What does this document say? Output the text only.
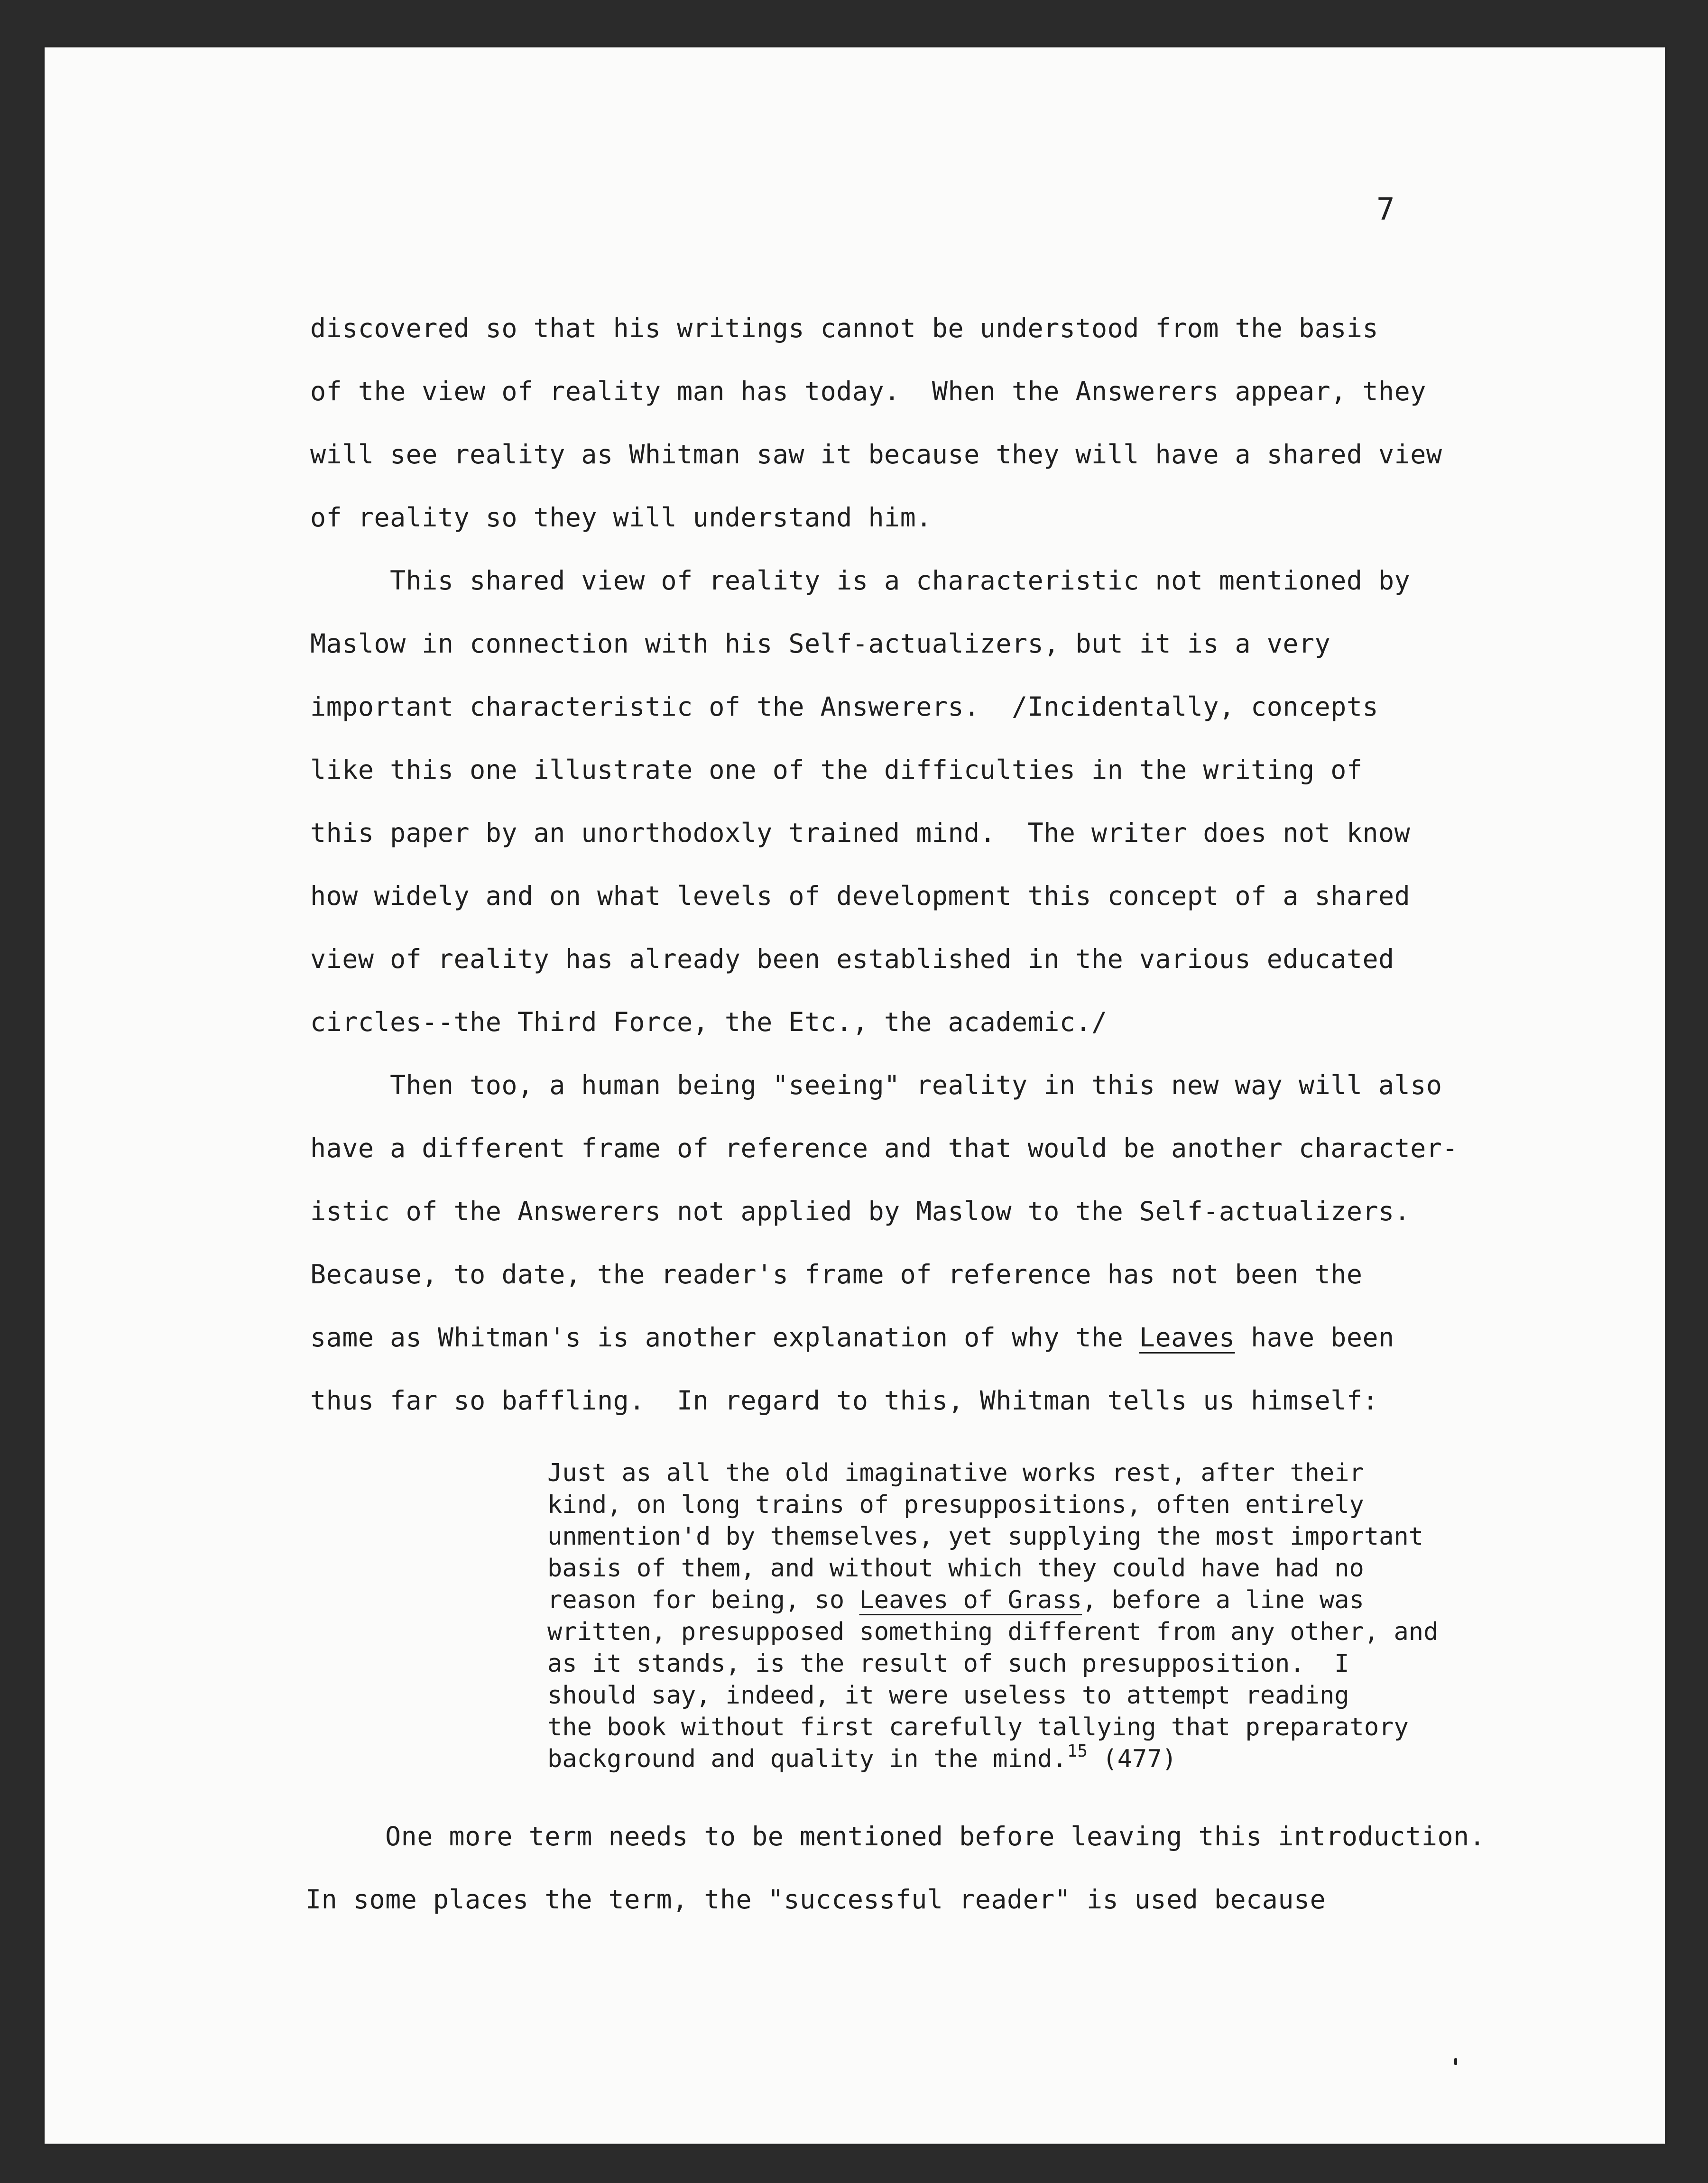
7
discovered so that his writings cannot be understood from the basis
of the view of reality man has today.  When the Answerers appear, they
will see reality as Whitman saw it because they will have a shared view
of reality so they will understand him.
This shared view of reality is a characteristic not mentioned by
Maslow in connection with his Self-actualizers, but it is a very
important characteristic of the Answerers.  /Incidentally, concepts
like this one illustrate one of the difficulties in the writing of
this paper by an unorthodoxly trained mind.  The writer does not know
how widely and on what levels of development this concept of a shared
view of reality has already been established in the various educated
circles--the Third Force, the Etc., the academic./
Then too, a human being "seeing" reality in this new way will also
have a different frame of reference and that would be another character-
istic of the Answerers not applied by Maslow to the Self-actualizers.
Because, to date, the reader's frame of reference has not been the
same as Whitman's is another explanation of why the Leaves have been
thus far so baffling.  In regard to this, Whitman tells us himself:
Just as all the old imaginative works rest, after their
kind, on long trains of presuppositions, often entirely
unmention'd by themselves, yet supplying the most important
basis of them, and without which they could have had no
reason for being, so Leaves of Grass, before a line was
written, presupposed something different from any other, and
as it stands, is the result of such presupposition.  I
should say, indeed, it were useless to attempt reading
the book without first carefully tallying that preparatory
background and quality in the mind.$^{15}$ (477)
One more term needs to be mentioned before leaving this introduction.
In some places the term, the "successful reader" is used because
